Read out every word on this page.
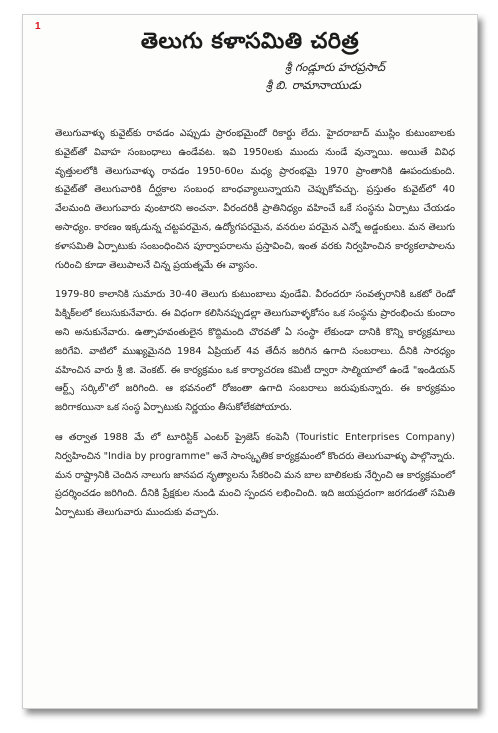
1
తెలుగు కళాసమితి చరిత్ర
శ్రీ గండ్లూరు హరప్రసాద్
శ్రీ బి. రామానాయుడు

తెలుగువాళ్ళు కువైట్‌కు రావడం ఎప్పుడు ప్రారంభమైందో రికార్డు లేదు. హైదరాబాద్ ముస్లిం కుటుంబాలకు కువైట్‌తో వివాహ సంబంధాలు ఉండేవట. ఇవి 1950లకు ముందు నుండే వున్నాయి. అయితే వివిధ వృత్తులలోకి తెలుగువాళ్ళు రావడం 1950-60ల మధ్య ప్రారంభమై 1970 ప్రాంతానికి ఊపందుకుంది. కువైట్‌తో తెలుగువారికి దీర్ఘకాల సంబంధ బాంధవ్యాలున్నాయని చెప్పుకోవచ్చు. ప్రస్తుతం కువైట్‌లో 40 వేలమంది తెలుగువారు వుంటారని అంచనా. వీరందరికీ ప్రాతినిధ్యం వహించే ఒకే సంస్థను ఏర్పాటు చేయడం అసాధ్యం. కారణం ఇక్కడున్న చట్టపరమైన, ఉద్యోగపరమైన, వనరుల పరమైన ఎన్నో అడ్డంకులు. మన తెలుగు కళాసమితి ఏర్పాటుకు సంబంధించిన పూర్వాపరాలను ప్రస్తావించి, ఇంత వరకు నిర్వహించిన కార్యకలాపాలను గురించి కూడా తెలుపాలనే చిన్న ప్రయత్నమే ఈ వ్యాసం.

1979-80 కాలానికి సుమారు 30-40 తెలుగు కుటుంబాలు వుండేవి. వీరందరూ సంవత్సరానికి ఒకటో రెండో పిక్నిక్‌లలో కలుసుకునేవారు. ఈ విధంగా కలిసినప్పుడల్లా తెలుగువాళ్ళకోసం ఒక సంస్థను ప్రారంభించు కుందాం అని అనుకునేవారు. ఉత్సాహవంతులైన కొద్దిమంది చొరవతో ఏ సంస్థా లేకుండా దానికి కొన్ని కార్యక్రమాలు జరిగేవి. వాటిలో ముఖ్యమైనది 1984 ఏప్రియల్ 4వ తేదీన జరిగిన ఉగాది సంబరాలు. దీనికి సారధ్యం వహించిన వారు శ్రీ జి. వెంకట్. ఈ కార్యక్రమం ఒక కార్యాచరణ కమిటీ ద్వారా సాల్మియాలో ఉండే "ఇండియన్ ఆర్ట్స్ సర్కిల్"లో జరిగింది. ఆ భవనంలో రోజంతా ఉగాది సంబరాలు జరుపుకున్నారు. ఈ కార్యక్రమం జరిగాకయినా ఒక సంస్థ ఏర్పాటుకు నిర్ణయం తీసుకోలేకపోయారు.

ఆ తర్వాత 1988 మే లో టూరిస్టిక్ ఎంటర్ ప్రైజెస్ కంపెనీ (Touristic Enterprises Company) నిర్వహించిన "India by programme" అనే సాంస్కృతిక కార్యక్రమంలో కొందరు తెలుగువాళ్ళు పాల్గొన్నారు. మన రాష్ట్రానికి చెందిన నాలుగు జానపద నృత్యాలను సేకరించి మన బాల బాలికలకు నేర్పించి ఆ కార్యక్రమంలో ప్రదర్శించడం జరిగింది. దీనికి ప్రేక్షకుల నుండి మంచి స్పందన లభించింది. ఇది జయప్రదంగా జరగడంతో సమితి ఏర్పాటుకు తెలుగువారు ముందుకు వచ్చారు.
